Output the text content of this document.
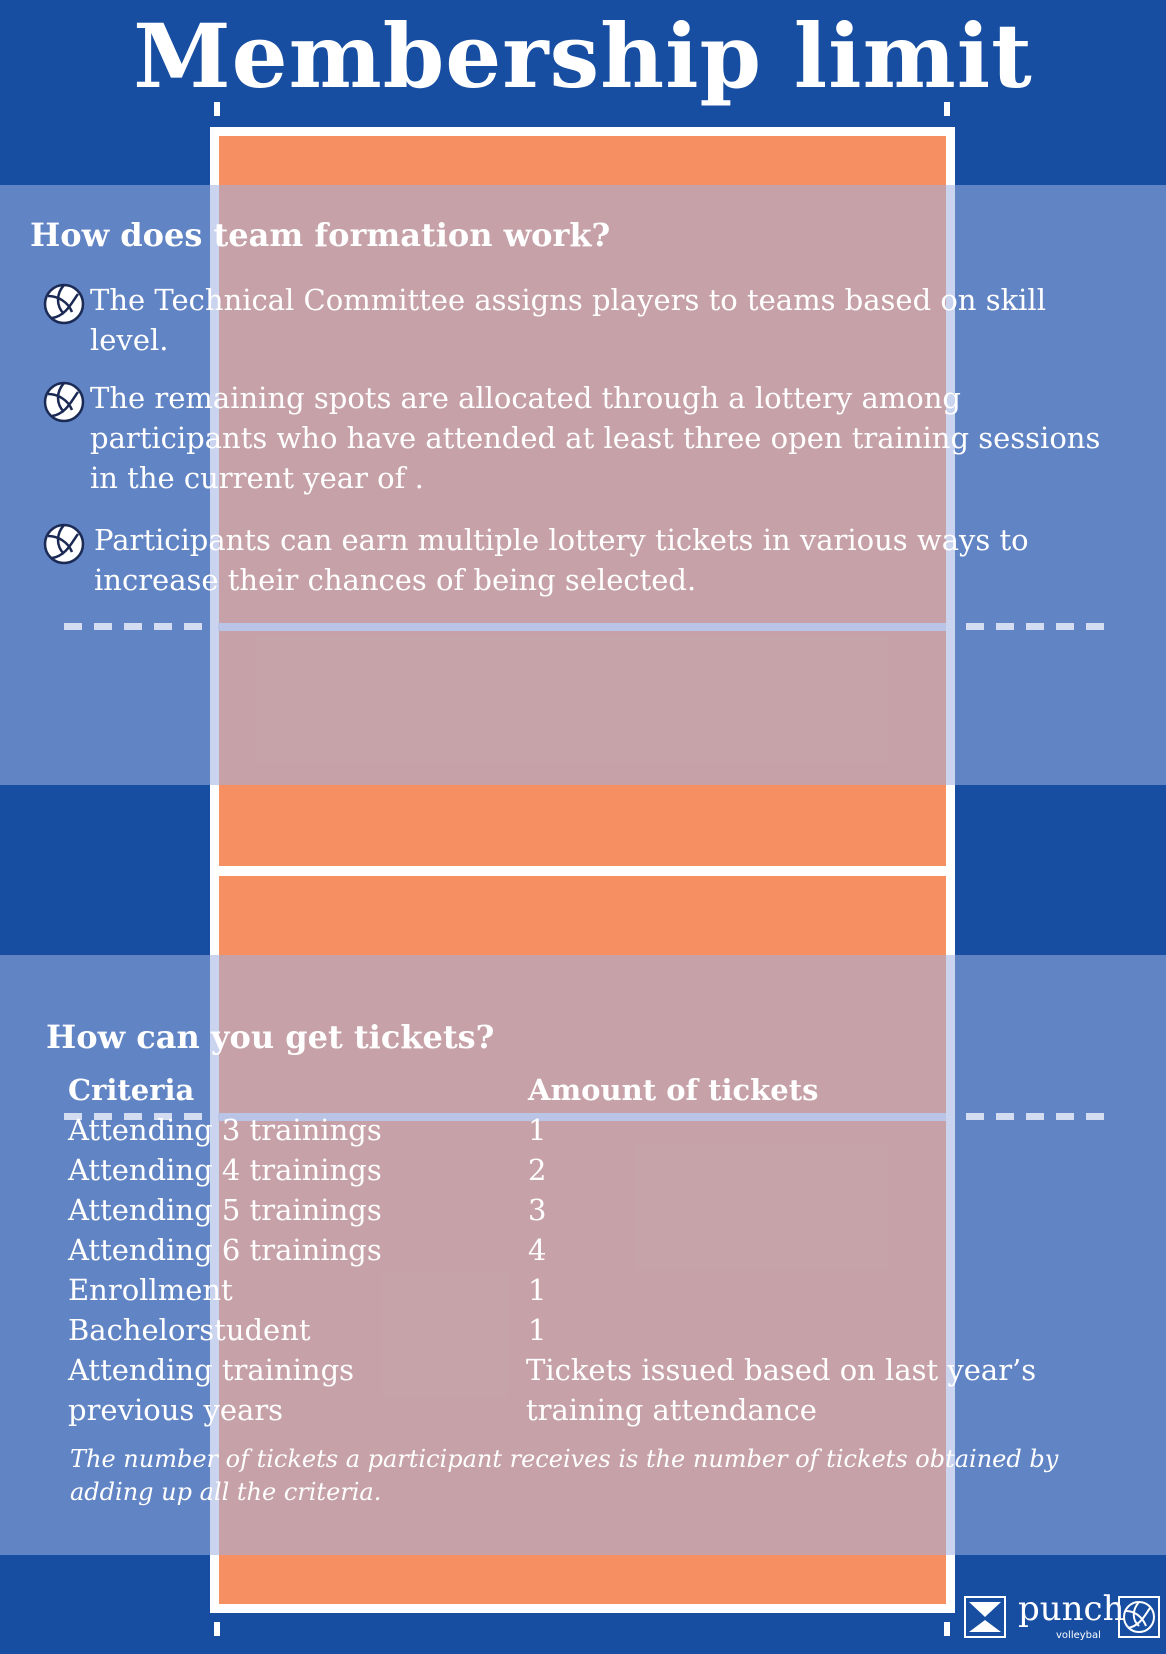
Membership limit
How does team formation work?
The Technical Committee assigns players to teams based on skill level.
The remaining spots are allocated through a lottery among participants who have attended at least three open training sessions in the current year of .
Participants can earn multiple lottery tickets in various ways to increase their chances of being selected.
How can you get tickets?
Criteria	Amount of tickets
Attending 3 trainings	1
Attending 4 trainings	2
Attending 5 trainings	3
Attending 6 trainings	4
Enrollment	1
Bachelorstudent	1
Attending trainings previous years	Tickets issued based on last year’s training attendance
The number of tickets a participant receives is the number of tickets obtained by adding up all the criteria.
punch
volleybal
